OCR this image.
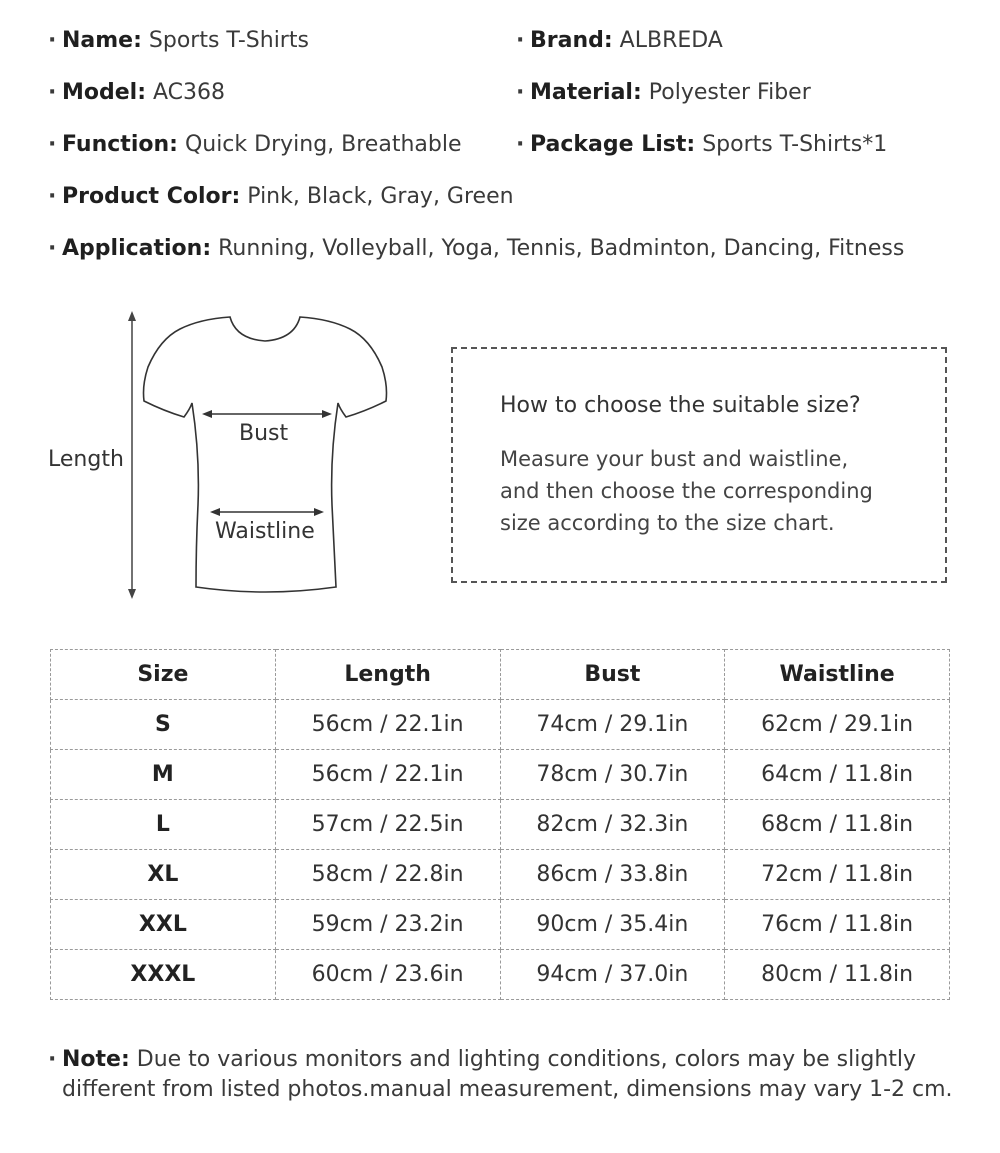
· Name: Sports T-Shirts	· Brand: ALBREDA
· Model: AC368	· Material: Polyester Fiber
· Function: Quick Drying, Breathable · Package List: Sports T-Shirts*1
· Product Color: Pink, Black, Gray, Green
· Application: Running, Volleyball, Yoga, Tennis, Badminton, Dancing, Fitness
Length
Bust
Waistline
How to choose the suitable size?
Measure your bust and waistline,
and then choose the corresponding
size according to the size chart.
Size	Length	Bust	Waistline
S	56cm / 22.1in	74cm / 29.1in	62cm / 29.1in
M	56cm / 22.1in	78cm / 30.7in	64cm / 11.8in
L	57cm / 22.5in	82cm / 32.3in	68cm / 11.8in
XL	58cm / 22.8in	86cm / 33.8in	72cm / 11.8in
XXL	59cm / 23.2in	90cm / 35.4in	76cm / 11.8in
XXXL	60cm / 23.6in	94cm / 37.0in	80cm / 11.8in
· Note: Due to various monitors and lighting conditions, colors may be slightly
different from listed photos.manual measurement, dimensions may vary 1-2 cm.
